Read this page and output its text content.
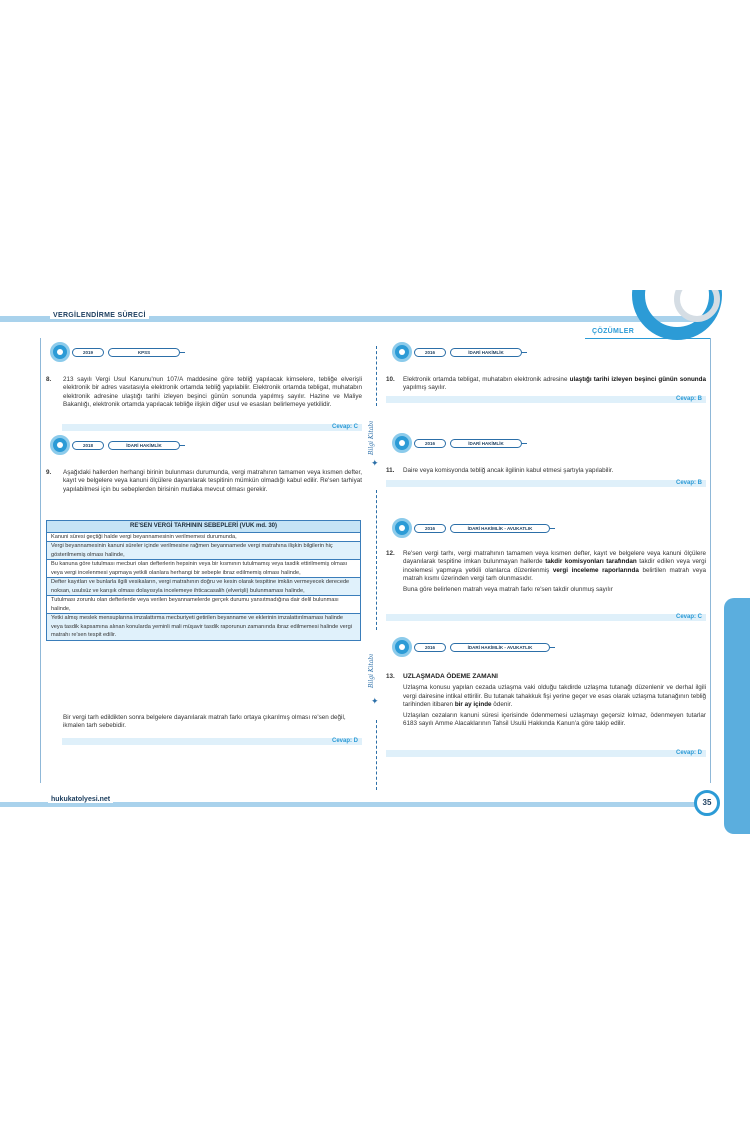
VERGİLENDİRME SÜRECİ
ÇÖZÜMLER
Bilgi Kitabı
✦
Bilgi Kitabı
✦
2019	KPSS
8. 213 sayılı Vergi Usul Kanunu'nun 107/A maddesine göre tebliğ yapılacak kimselere, tebliğe elverişli elektronik bir adres vasıtasıyla elektronik ortamda tebliğ yapılabilir. Elektronik ortamda tebligat, muhatabın elektronik adresine ulaştığı tarihi izleyen beşinci günün sonunda yapılmış sayılır. Hazine ve Maliye Bakanlığı, elektronik ortamda yapılacak tebliğe ilişkin diğer usul ve esasları belirlemeye yetkilidir.
Cevap: C
2018	İDARİ HAKİMLİK
9. Aşağıdaki hallerden herhangi birinin bulunması durumunda, vergi matrahının tamamen veya kısmen defter, kayıt ve belgelere veya kanuni ölçülere dayanılarak tespitinin mümkün olmadığı kabul edilir. Re'sen tarhiyat yapılabilmesi için bu sebeplerden birisinin mutlaka mevcut olması gerekir.
RE'SEN VERGİ TARHININ SEBEPLERİ (VUK md. 30)
Kanuni süresi geçtiği halde vergi beyannamesinin verilmemesi durumunda,
Vergi beyannamesinin kanuni süreler içinde verilmesine rağmen beyannamede vergi matrahına ilişkin bilgilerin hiç gösterilmemiş olması halinde,
Bu kanuna göre tutulması mecburi olan defterlerin hepsinin veya bir kısmının tutulmamış veya tasdik ettirilmemiş olması veya vergi incelenmesi yapmaya yetkili olanlara herhangi bir sebeple ibraz edilmemiş olması halinde,
Defter kayıtları ve bunlarla ilgili vesikaların, vergi matrahının doğru ve kesin olarak tespitine imkân vermeyecek derecede noksan, usulsüz ve karışık olması dolayısıyla incelemeye ihticacasalih (elverişli) bulunmaması halinde,
Tutulması zorunlu olan defterlerde veya verilen beyannamelerde gerçek durumu yansıtmadığına dair delil bulunması halinde,
Yetki almış meslek mensuplarına imzalattırma mecburiyeti getirilen beyanname ve eklerinin imzalattırılmaması halinde veya tasdik kapsamına alınan konularda yeminli mali müşavir tasdik raporunun zamanında ibraz edilmemesi halinde vergi matrahı re'sen tespit edilir.
Bir vergi tarh edildikten sonra belgelere dayanılarak matrah farkı ortaya çıkarılmış olması re'sen değil, ikmalen tarh sebebidir.
Cevap: D
2016	İDARİ HAKİMLİK
10. Elektronik ortamda tebligat, muhatabın elektronik adresine ulaştığı tarihi izleyen beşinci günün sonunda yapılmış sayılır.
Cevap: B
2016	İDARİ HAKİMLİK
11. Daire veya komisyonda tebliğ ancak ilgilinin kabul etmesi şartıyla yapılabilir.
Cevap: B
2016	İDARİ HAKİMLİK - AVUKATLIK
12. Re'sen vergi tarhı, vergi matrahının tamamen veya kısmen defter, kayıt ve belgelere veya kanuni ölçülere dayanılarak tespitine imkan bulunmayan hallerde takdir komisyonları tarafından takdir edilen veya vergi incelemesi yapmaya yetkili olanlarca düzenlenmiş vergi inceleme raporlarında belirtilen matrah veya matrah kısmı üzerinden vergi tarh olunmasıdır.

Buna göre belirlenen matrah veya matrah farkı re'sen takdir olunmuş sayılır

Cevap: C
2016	İDARİ HAKİMLİK - AVUKATLIK
13. UZLAŞMADA ÖDEME ZAMANI

Uzlaşma konusu yapılan cezada uzlaşma vaki olduğu takdirde uzlaşma tutanağı düzenlenir ve derhal ilgili vergi dairesine intikal ettirilir. Bu tutanak tahakkuk fişi yerine geçer ve esas olarak uzlaşma tutanağının tebliğ tarihinden itibaren bir ay içinde ödenir.

Uzlaşılan cezaların kanuni süresi içerisinde ödenmemesi uzlaşmayı geçersiz kılmaz, ödenmeyen tutarlar 6183 sayılı Amme Alacaklarının Tahsil Usulü Hakkında Kanun'a göre takip edilir.

Cevap: D
hukukatolyesi.net	35
